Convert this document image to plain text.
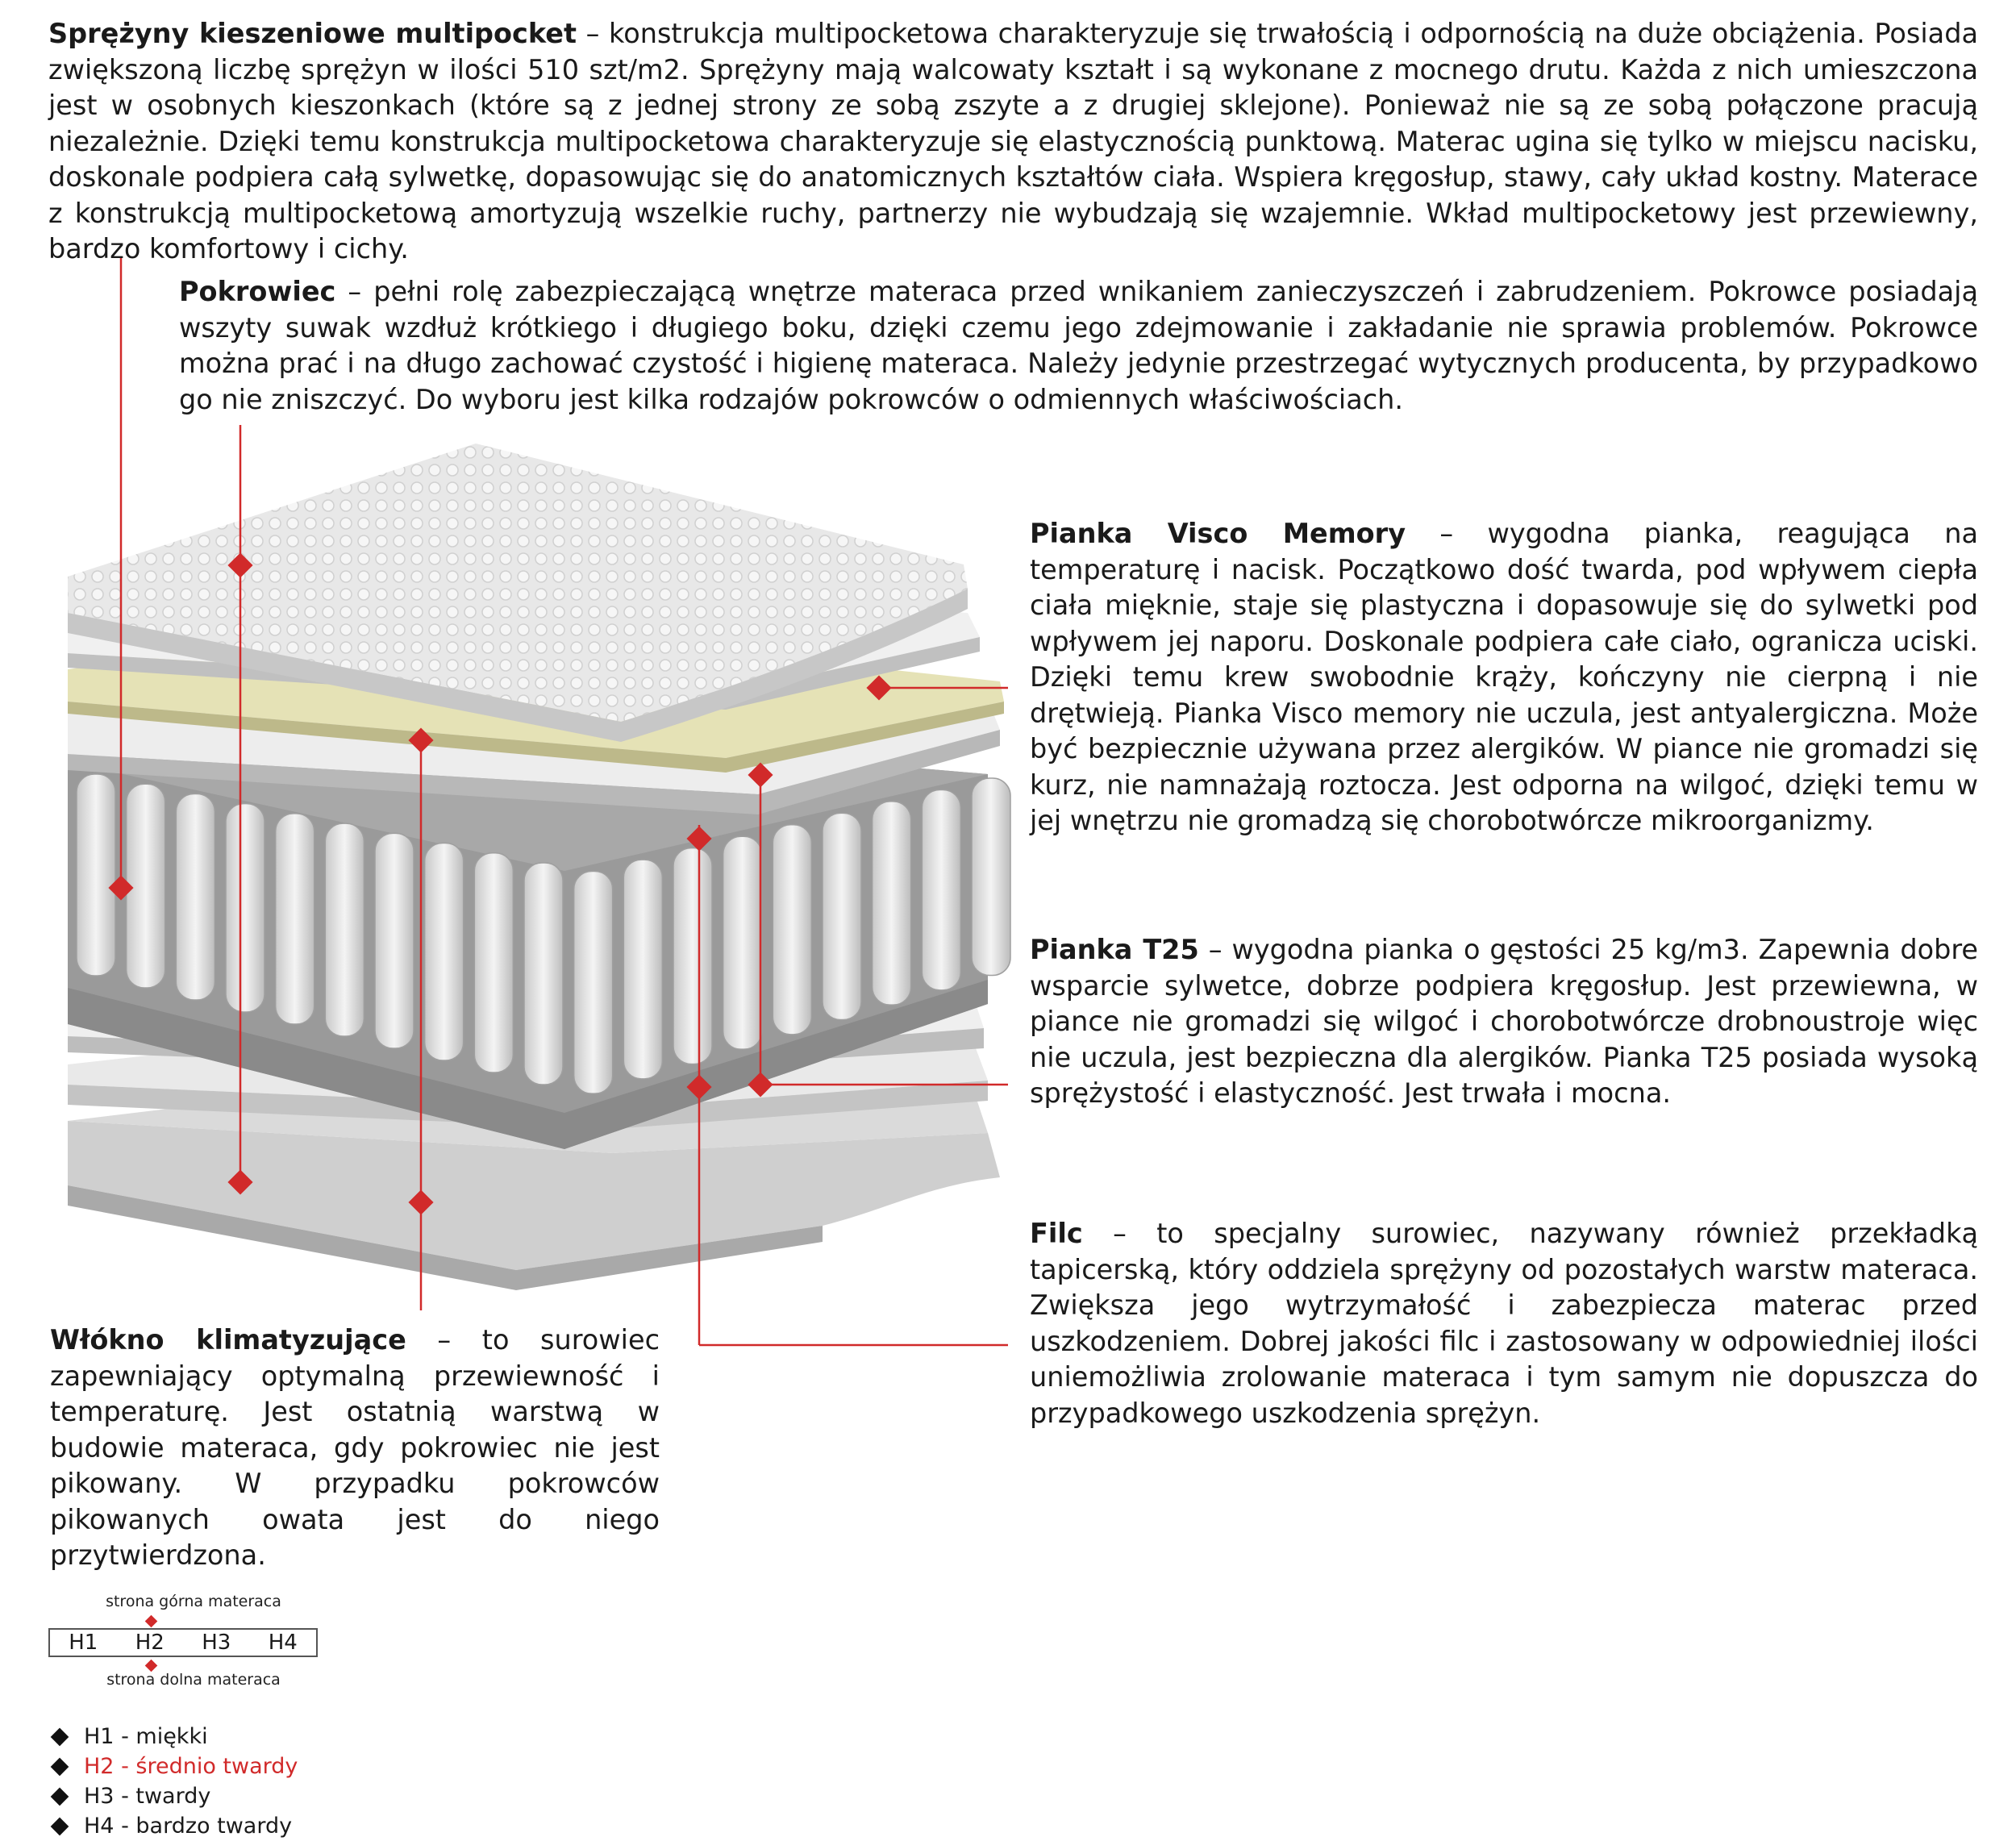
Sprężyny kieszeniowe multipocket – konstrukcja multipocketowa charakteryzuje się trwałością i odpornością na duże obciążenia. Posiada zwiększoną liczbę sprężyn w ilości 510 szt/m2. Sprężyny mają walcowaty kształt i są wykonane z mocnego drutu. Każda z nich umieszczona jest w osobnych kieszonkach (które są z jednej strony ze sobą zszyte a z drugiej sklejone). Ponieważ nie są ze sobą połączone pracują niezależnie. Dzięki temu konstrukcja multipocketowa charakteryzuje się elastycznością punktową. Materac ugina się tylko w miejscu nacisku, doskonale podpiera całą sylwetkę, dopasowując się do anatomicznych kształtów ciała. Wspiera kręgosłup, stawy, cały układ kostny. Materace z konstrukcją multipocketową amortyzują wszelkie ruchy, partnerzy nie wybudzają się wzajemnie. Wkład multipocketowy jest przewiewny, bardzo komfortowy i cichy.

Pokrowiec – pełni rolę zabezpieczającą wnętrze materaca przed wnikaniem zanieczyszczeń i zabrudzeniem. Pokrowce posiadają wszyty suwak wzdłuż krótkiego i długiego boku, dzięki czemu jego zdejmowanie i zakładanie nie sprawia problemów. Pokrowce można prać i na długo zachować czystość i higienę materaca. Należy jedynie przestrzegać wytycznych producenta, by przypadkowo go nie zniszczyć. Do wyboru jest kilka rodzajów pokrowców o odmiennych właściwościach.

Pianka Visco Memory – wygodna pianka, reagująca na temperaturę i nacisk. Początkowo dość twarda, pod wpływem ciepła ciała mięknie, staje się plastyczna i dopasowuje się do sylwetki pod wpływem jej naporu. Doskonale podpiera całe ciało, ogranicza uciski. Dzięki temu krew swobodnie krąży, kończyny nie cierpną i nie drętwieją. Pianka Visco memory nie uczula, jest antyalergiczna. Może być bezpiecznie używana przez alergików. W piance nie gromadzi się kurz, nie namnażają roztocza. Jest odporna na wilgoć, dzięki temu w jej wnętrzu nie gromadzą się chorobotwórcze mikroorganizmy.

Pianka T25 – wygodna pianka o gęstości 25 kg/m3. Zapewnia dobre wsparcie sylwetce, dobrze podpiera kręgosłup. Jest przewiewna, w piance nie gromadzi się wilgoć i chorobotwórcze drobnoustroje więc nie uczula, jest bezpieczna dla alergików. Pianka T25 posiada wysoką sprężystość i elastyczność. Jest trwała i mocna.

Filc – to specjalny surowiec, nazywany również przekładką tapicerską, który oddziela sprężyny od pozostałych warstw materaca. Zwiększa jego wytrzymałość i zabezpiecza materac przed uszkodzeniem. Dobrej jakości filc i zastosowany w odpowiedniej ilości uniemożliwia zrolowanie materaca i tym samym nie dopuszcza do przypadkowego uszkodzenia sprężyn.

Włókno klimatyzujące – to surowiec zapewniający optymalną przewiewność i temperaturę. Jest ostatnią warstwą w budowie materaca, gdy pokrowiec nie jest pikowany. W przypadku pokrowców pikowanych owata jest do niego przytwierdzona.

strona górna materaca
H1 H2 H3 H4
strona dolna materaca
H1 - miękki
H2 - średnio twardy
H3 - twardy
H4 - bardzo twardy
